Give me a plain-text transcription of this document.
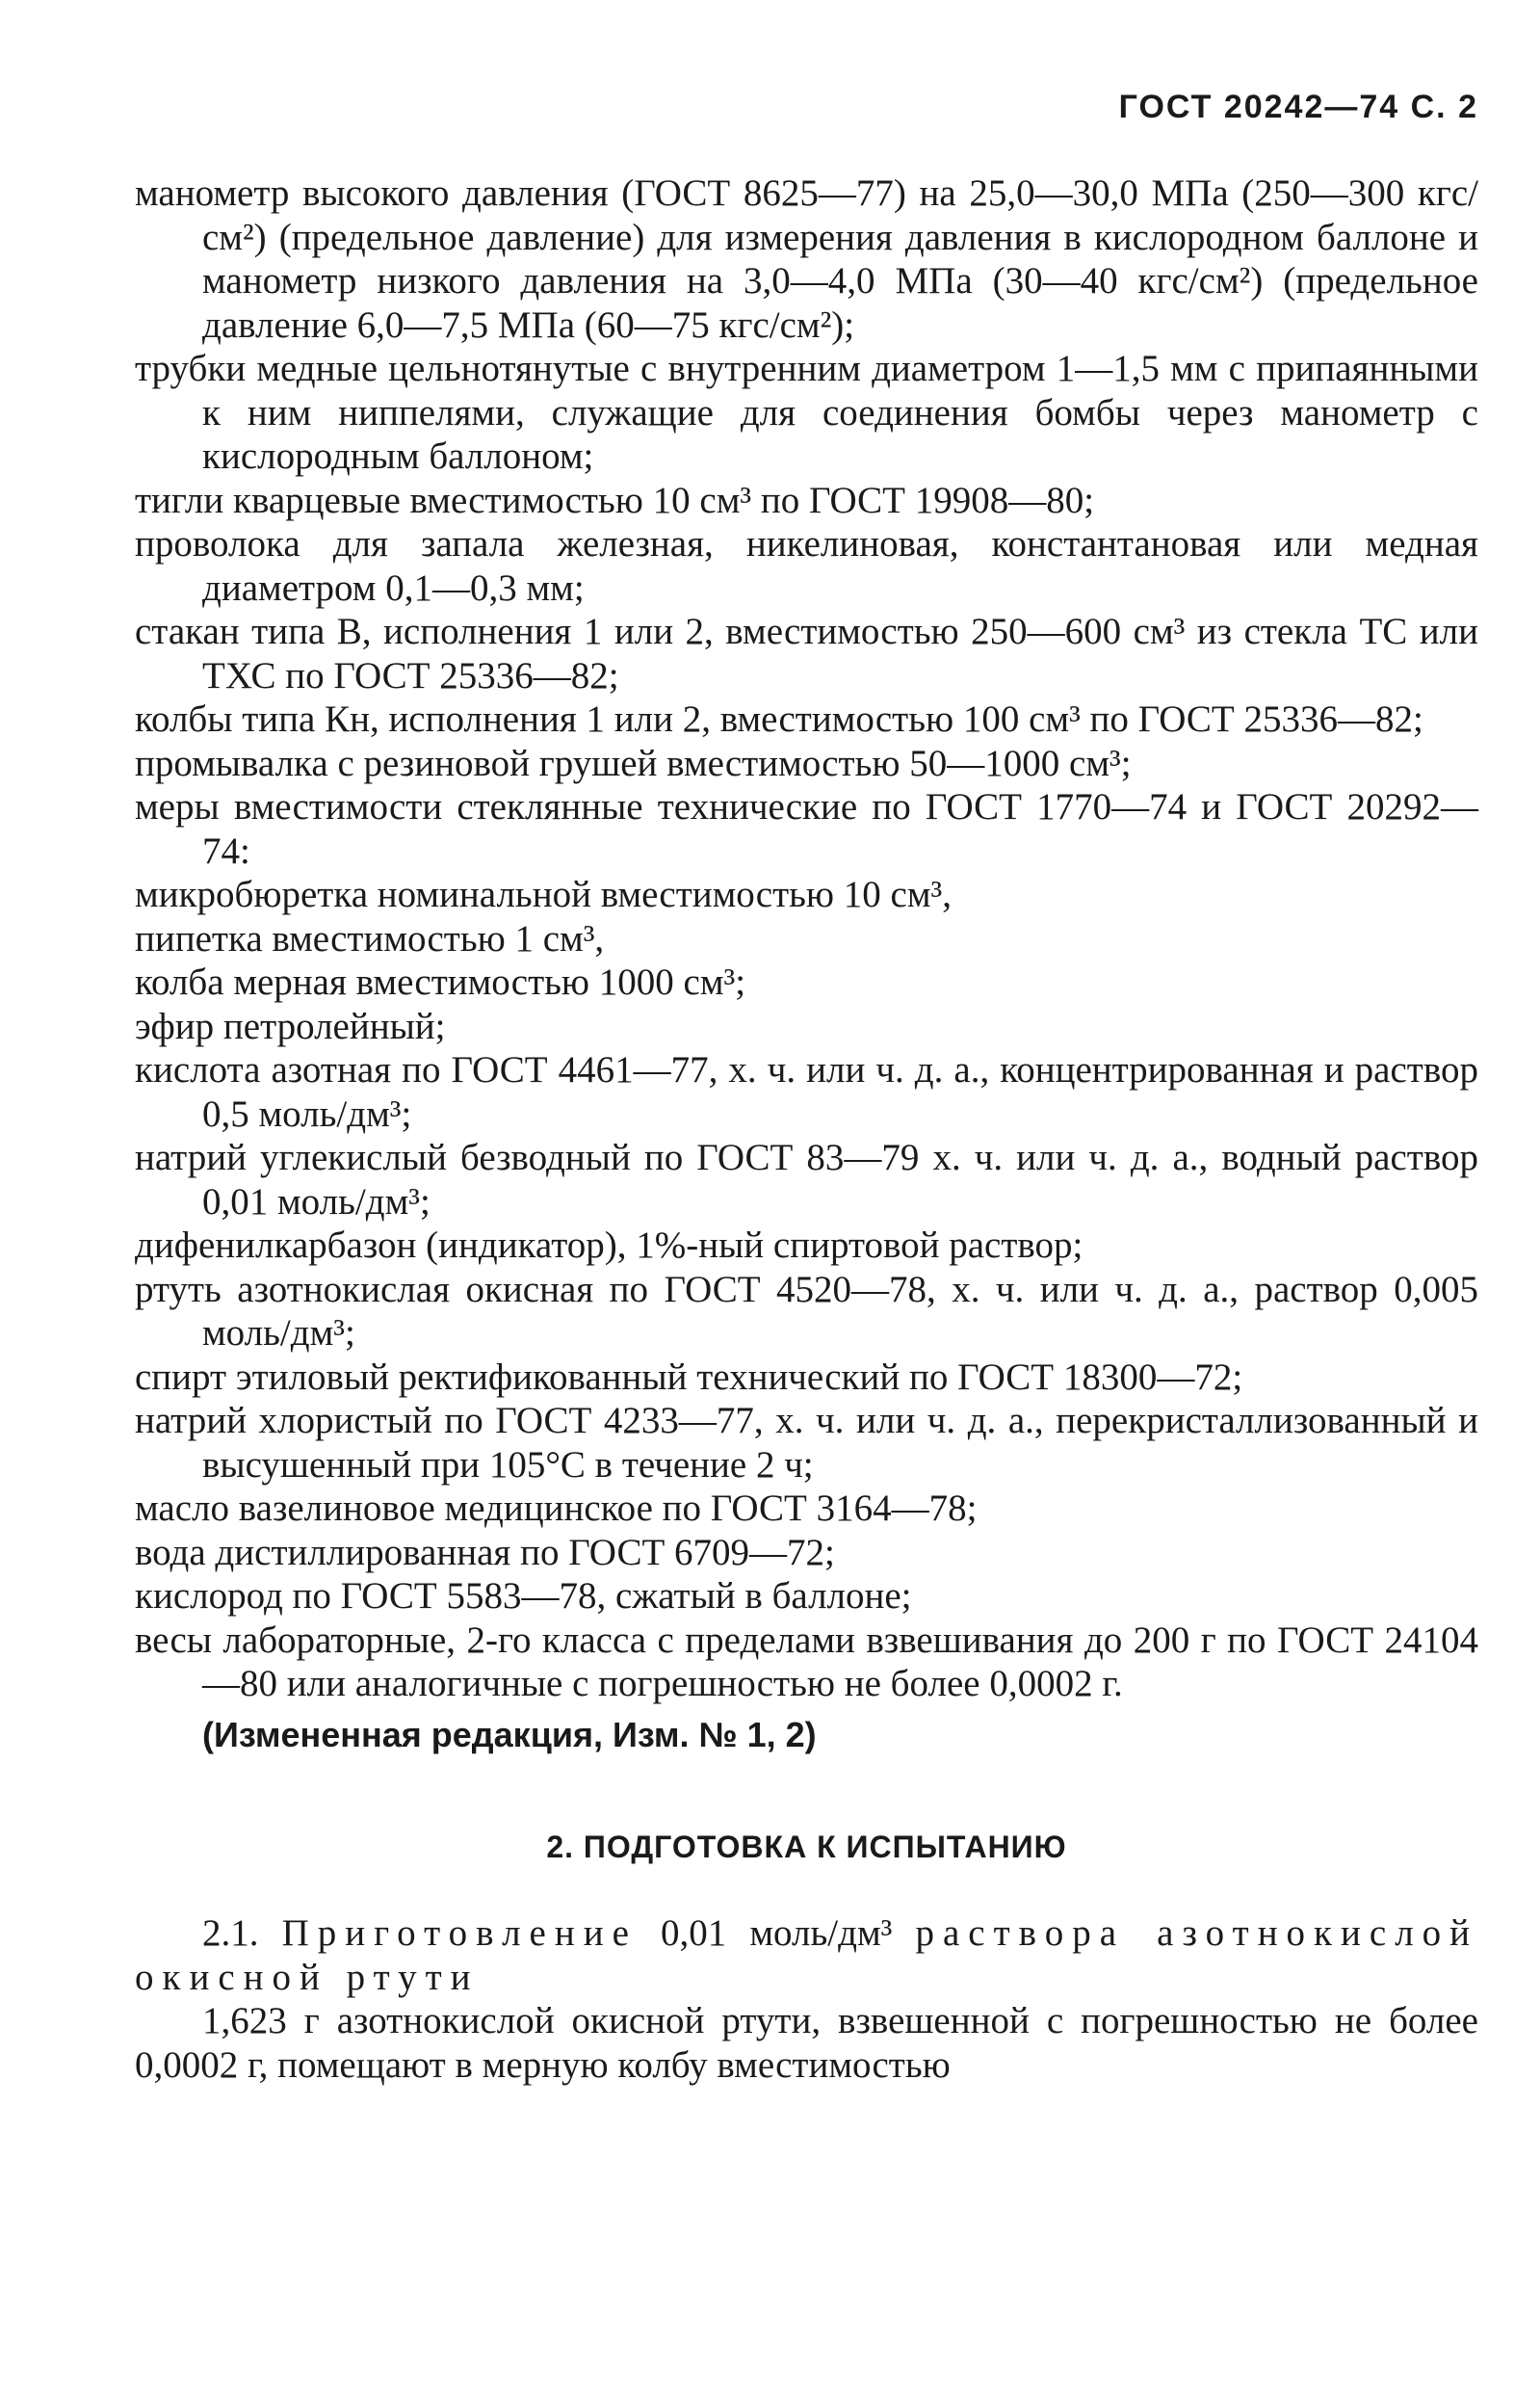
ГОСТ 20242—74 С. 2

манометр высокого давления (ГОСТ 8625—77) на 25,0—30,0 МПа (250—300 кгс/см²) (предельное давление) для измерения давления в кислородном баллоне и манометр низкого давления на 3,0—4,0 МПа (30—40 кгс/см²) (предельное давление 6,0—7,5 МПа (60—75 кгс/см²);

трубки медные цельнотянутые с внутренним диаметром 1—1,5 мм с припаянными к ним ниппелями, служащие для соединения бомбы через манометр с кислородным баллоном;

тигли кварцевые вместимостью 10 см³ по ГОСТ 19908—80;

проволока для запала железная, никелиновая, константановая или медная диаметром 0,1—0,3 мм;

стакан типа В, исполнения 1 или 2, вместимостью 250—600 см³ из стекла ТС или ТХС по ГОСТ 25336—82;

колбы типа Кн, исполнения 1 или 2, вместимостью 100 см³ по ГОСТ 25336—82;

промывалка с резиновой грушей вместимостью 50—1000 см³;

меры вместимости стеклянные технические по ГОСТ 1770—74 и ГОСТ 20292—74:

микробюретка номинальной вместимостью 10 см³,

пипетка вместимостью 1 см³,

колба мерная вместимостью 1000 см³;

эфир петролейный;

кислота азотная по ГОСТ 4461—77, х. ч. или ч. д. а., концентрированная и раствор 0,5 моль/дм³;

натрий углекислый безводный по ГОСТ 83—79 х. ч. или ч. д. а., водный раствор 0,01 моль/дм³;

дифенилкарбазон (индикатор), 1%-ный спиртовой раствор;

ртуть азотнокислая окисная по ГОСТ 4520—78, х. ч. или ч. д. а., раствор 0,005 моль/дм³;

спирт этиловый ректификованный технический по ГОСТ 18300—72;

натрий хлористый по ГОСТ 4233—77, х. ч. или ч. д. а., перекристаллизованный и высушенный при 105°С в течение 2 ч;

масло вазелиновое медицинское по ГОСТ 3164—78;

вода дистиллированная по ГОСТ 6709—72;

кислород по ГОСТ 5583—78, сжатый в баллоне;

весы лабораторные, 2-го класса с пределами взвешивания до 200 г по ГОСТ 24104—80 или аналогичные с погрешностью не более 0,0002 г.

(Измененная редакция, Изм. № 1, 2)

2. ПОДГОТОВКА К ИСПЫТАНИЮ

2.1. Приготовление 0,01 моль/дм³ раствора азотнокислой окисной ртути

1,623 г азотнокислой окисной ртути, взвешенной с погрешностью не более 0,0002 г, помещают в мерную колбу вместимостью
